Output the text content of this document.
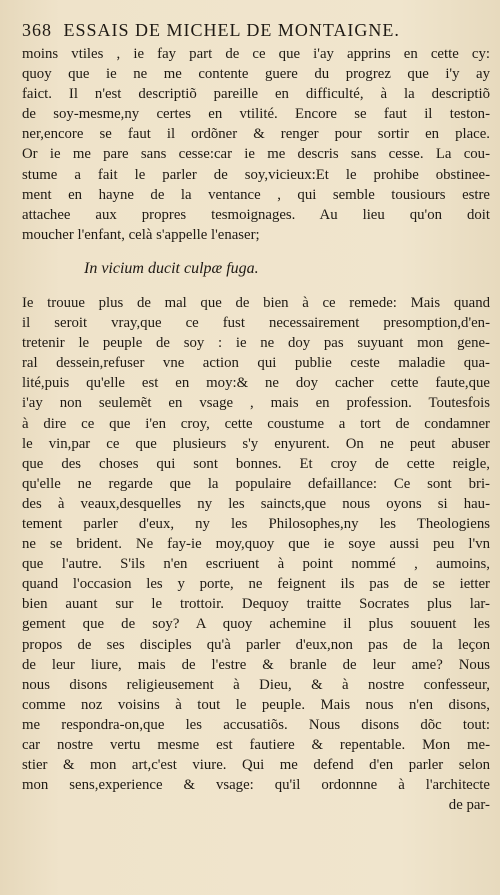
368 ESSAIS DE MICHEL DE MONTAIGNE.
moins vtiles , ie fay part de ce que i'ay apprins en cette cy:
quoy que ie ne me contente guere du progrez que i'y ay
faict. Il n'est descriptiõ pareille en difficulté, à la descriptiõ
de soy-mesme,ny certes en vtilité. Encore se faut il teston-
ner,encore se faut il ordõner & renger pour sortir en place.
Or ie me pare sans cesse:car ie me descris sans cesse. La cou-
stume a fait le parler de soy,vicieux:Et le prohibe obstinee-
ment en hayne de la ventance , qui semble tousiours estre
attachee aux propres tesmoignages. Au lieu qu'on doit
moucher l'enfant, celà s'appelle l'enaser;
In vicium ducit culpæ fuga.
Ie trouue plus de mal que de bien à ce remede: Mais quand
il seroit vray,que ce fust necessairement presomption,d'en-
tretenir le peuple de soy : ie ne doy pas suyuant mon gene-
ral dessein,refuser vne action qui publie ceste maladie qua-
lité,puis qu'elle est en moy:& ne doy cacher cette faute,que
i'ay non seulemẽt en vsage , mais en profession. Toutesfois
à dire ce que i'en croy, cette coustume a tort de condamner
le vin,par ce que plusieurs s'y enyurent. On ne peut abuser
que des choses qui sont bonnes. Et croy de cette reigle,
qu'elle ne regarde que la populaire defaillance: Ce sont bri-
des à veaux,desquelles ny les saincts,que nous oyons si hau-
tement parler d'eux, ny les Philosophes,ny les Theologiens
ne se brident. Ne fay-ie moy,quoy que ie soye aussi peu l'vn
que l'autre. S'ils n'en escriuent à point nommé , aumoins,
quand l'occasion les y porte, ne feignent ils pas de se ietter
bien auant sur le trottoir. Dequoy traitte Socrates plus lar-
gement que de soy? A quoy achemine il plus souuent les
propos de ses disciples qu'à parler d'eux,non pas de la leçon
de leur liure, mais de l'estre & branle de leur ame? Nous
nous disons religieusement à Dieu, & à nostre confesseur,
comme noz voisins à tout le peuple. Mais nous n'en disons,
me respondra-on,que les accusatiõs. Nous disons dõc tout:
car nostre vertu mesme est fautiere & repentable. Mon me-
stier & mon art,c'est viure. Qui me defend d'en parler selon
mon sens,experience & vsage: qu'il ordonnne à l'architecte
de par-
